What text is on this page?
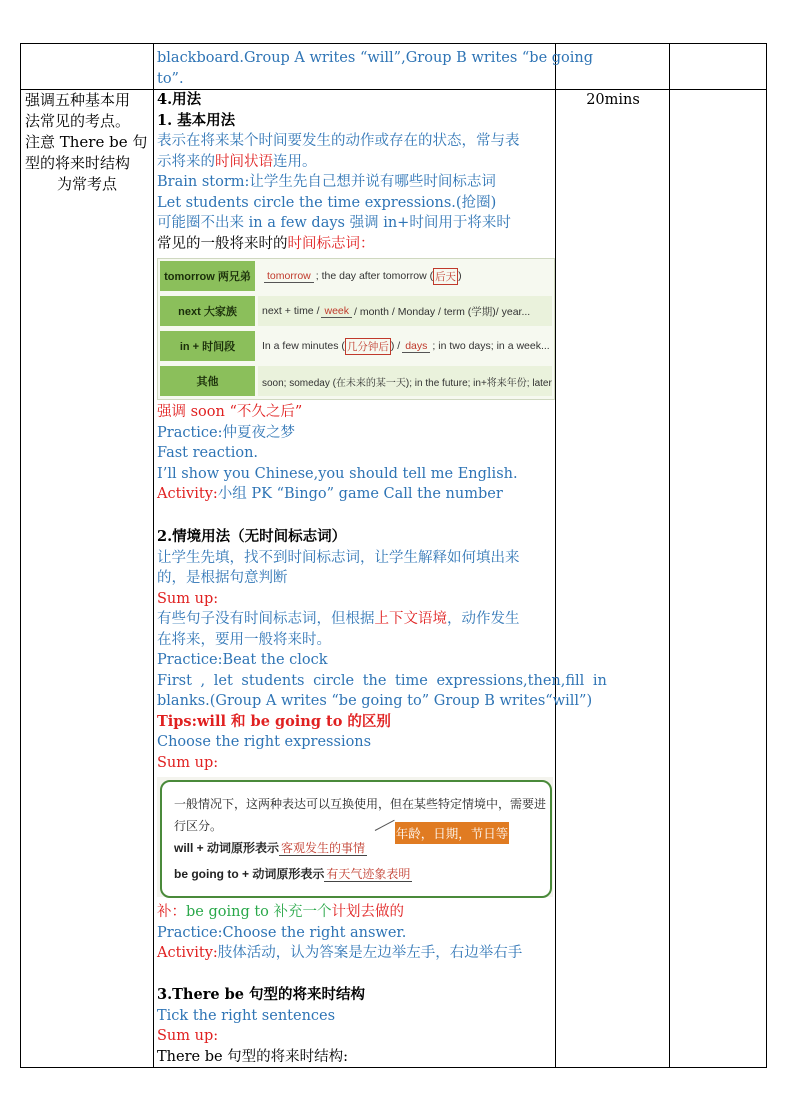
blackboard.Group A writes “will”,Group B writes “be going
to”.
强调五种基本用
法常见的考点。
注意 There be 句
型的将来时结构
为常考点
20mins
4.用法
1. 基本用法
表示在将来某个时间要发生的动作或存在的状态，常与表
示将来的时间状语连用。
Brain storm:让学生先自己想并说有哪些时间标志词
Let students circle the time expressions.(抢圈)
可能圈不出来 in a few days 强调 in+时间用于将来时
常见的一般将来时的时间标志词：
tomorrow 两兄弟	tomorrow ; the day after tomorrow ( 后天 )
next 大家族	next + time / week / month / Monday / term (学期)/ year...
in + 时间段	In a few minutes ( 几分钟后 ) / days ; in two days; in a week...
其他	soon; someday (在未来的某一天); in the future; in+将来年份; later
强调 soon “不久之后”
Practice:仲夏夜之梦
Fast reaction.
I’ll show you Chinese,you should tell me English.
Activity:小组 PK “Bingo” game Call the number
2.情境用法（无时间标志词）
让学生先填，找不到时间标志词，让学生解释如何填出来
的，是根据句意判断
Sum up:
有些句子没有时间标志词，但根据上下文语境，动作发生
在将来，要用一般将来时。
Practice:Beat the clock
First , let students circle the time expressions,then,fill in
blanks.(Group A writes “be going to” Group B writes“will”)
Tips:will 和 be going to 的区别
Choose the right expressions
Sum up:
一般情况下，这两种表达可以互换使用，但在某些特定情境中，需要进
行区分。
will + 动词原形表示 客观发生的事情
be going to + 动词原形表示 有天气迹象表明
年龄，日期，节日等
补：be going to 补充一个计划去做的
Practice:Choose the right answer.
Activity:肢体活动，认为答案是左边举左手，右边举右手
3.There be 句型的将来时结构
Tick the right sentences
Sum up:
There be 句型的将来时结构:
